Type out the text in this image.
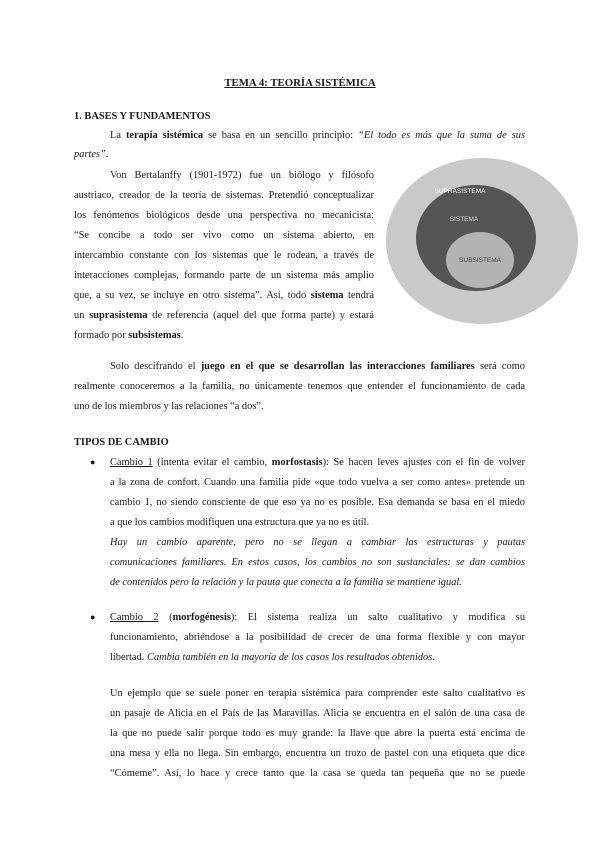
TEMA 4: TEORÍA SISTÉMICA
1. BASES Y FUNDAMENTOS
La terapia sistémica se basa en un sencillo principio: “El todo es más que la suma de sus
partes”.
Von Bertalanffy (1901-1972) fue un biólogo y filósofo
austriaco, creador de la teoría de sistemas. Pretendió conceptualizar
los fenómenos biológicos desde una perspectiva no mecanicista:
“Se concibe a todo ser vivo como un sistema abierto, en
intercambio constante con los sistemas que le rodean, a través de
interacciones complejas, formando parte de un sistema más amplio
que, a su vez, se incluye en otro sistema”. Así, todo sistema tendrá
un suprasistema de referencia (aquel del que forma parte) y estará
formado por subsistemas.
SUPRASISTEMA
SISTEMA
SUBSISTEMA
Solo descifrando el juego en el que se desarrollan las interacciones familiares será como
realmente conoceremos a la familia, no únicamente tenemos que entender el funcionamiento de cada
uno de los miembros y las relaciones “a dos”.
TIPOS DE CAMBIO
● Cambio 1 (intenta evitar el cambio, morfostasis): Se hacen leves ajustes con el fin de volver
a la zona de confort. Cuando una familia pide «que todo vuelva a ser como antes» pretende un
cambio 1, no siendo consciente de que eso ya no es posible. Esa demanda se basa en el miedo
a que los cambios modifiquen una estructura que ya no es útil.
Hay un cambio aparente, pero no se llegan a cambiar las estructuras y pautas
comunicaciones familiares. En estos casos, los cambios no son sustanciales: se dan cambios
de contenidos pero la relación y la pauta que conecta a la familia se mantiene igual.
● Cambio 2 (morfogénesis): El sistema realiza un salto cualitativo y modifica su
funcionamiento, abriéndose a la posibilidad de crecer de una forma flexible y con mayor
libertad. Cambia también en la mayoría de los casos los resultados obtenidos.
Un ejemplo que se suele poner en terapia sistémica para comprender este salto cualitativo es
un pasaje de Alicia en el País de las Maravillas. Alicia se encuentra en el salón de una casa de
la que no puede salir porque todo es muy grande: la llave que abre la puerta está encima de
una mesa y ella no llega. Sin embargo, encuentra un trozo de pastel con una etiqueta que dice
“Cómeme”. Así, lo hace y crece tanto que la casa se queda tan pequeña que no se puede
